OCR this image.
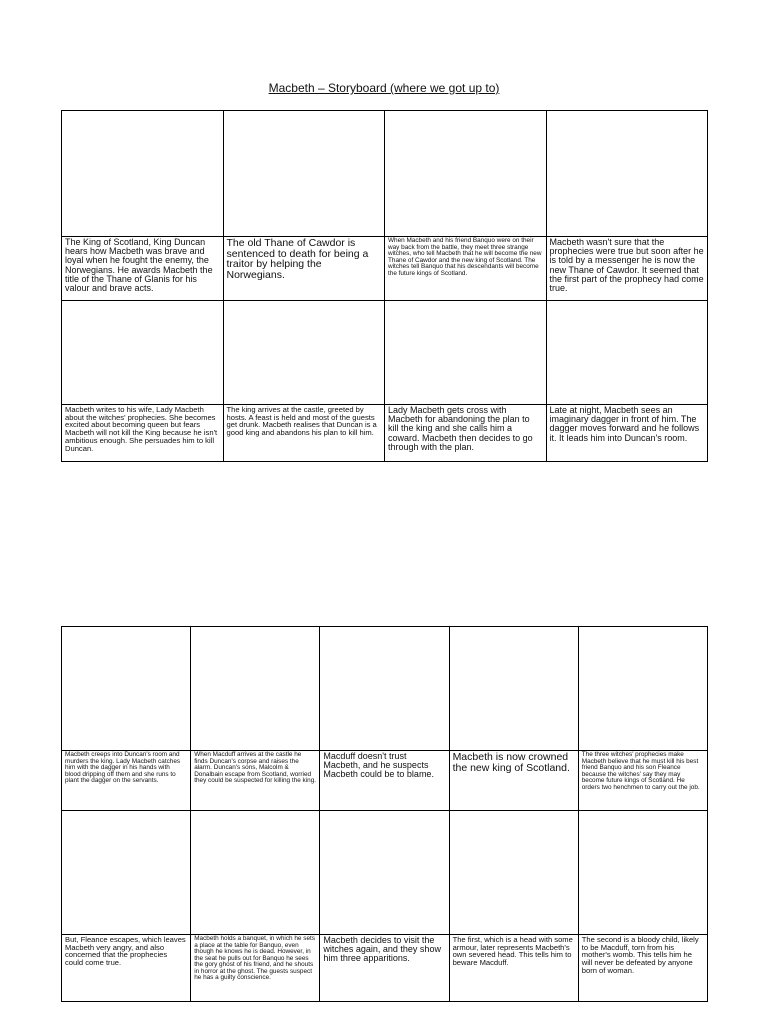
Macbeth – Storyboard (where we got up to)

The King of Scotland, King Duncan hears how Macbeth was brave and loyal when he fought the enemy, the Norwegians. He awards Macbeth the title of the Thane of Glanis for his valour and brave acts.	The old Thane of Cawdor is sentenced to death for being a traitor by helping the Norwegians.	When Macbeth and his friend Banquo were on their way back from the battle, they meet three strange witches, who tell Macbeth that he will become the new Thane of Cawdor and the new king of Scotland. The witches tell Banquo that his descendants will become the future kings of Scotland.	Macbeth wasn't sure that the prophecies were true but soon after he is told by a messenger he is now the new Thane of Cawdor. It seemed that the first part of the prophecy had come true.

Macbeth writes to his wife, Lady Macbeth about the witches' prophecies. She becomes excited about becoming queen but fears Macbeth will not kill the King because he isn't ambitious enough. She persuades him to kill Duncan.	The king arrives at the castle, greeted by hosts. A feast is held and most of the guests get drunk. Macbeth realises that Duncan is a good king and abandons his plan to kill him.	Lady Macbeth gets cross with Macbeth for abandoning the plan to kill the king and she calls him a coward. Macbeth then decides to go through with the plan.	Late at night, Macbeth sees an imaginary dagger in front of him. The dagger moves forward and he follows it. It leads him into Duncan's room.

Macbeth creeps into Duncan's room and murders the king. Lady Macbeth catches him with the dagger in his hands with blood dripping off them and she runs to plant the dagger on the servants.	When Macduff arrives at the castle he finds Duncan's corpse and raises the alarm. Duncan's sons, Malcolm & Donalbain escape from Scotland, worried they could be suspected for killing the king.	Macduff doesn't trust Macbeth, and he suspects Macbeth could be to blame.	Macbeth is now crowned the new king of Scotland.	The three witches' prophecies make Macbeth believe that he must kill his best friend Banquo and his son Fleance because the witches' say they may become future kings of Scotland. He orders two henchmen to carry out the job.

But, Fleance escapes, which leaves Macbeth very angry, and also concerned that the prophecies could come true.	Macbeth holds a banquet, in which he sets a place at the table for Banquo, even though he knows he is dead. However, in the seat he pulls out for Banquo he sees the gory ghost of his friend, and he shouts in horror at the ghost. The guests suspect he has a guilty conscience.	Macbeth decides to visit the witches again, and they show him three apparitions.	The first, which is a head with some armour, later represents Macbeth's own severed head. This tells him to beware Macduff.	The second is a bloody child, likely to be Macduff, torn from his mother's womb. This tells him he will never be defeated by anyone born of woman.
